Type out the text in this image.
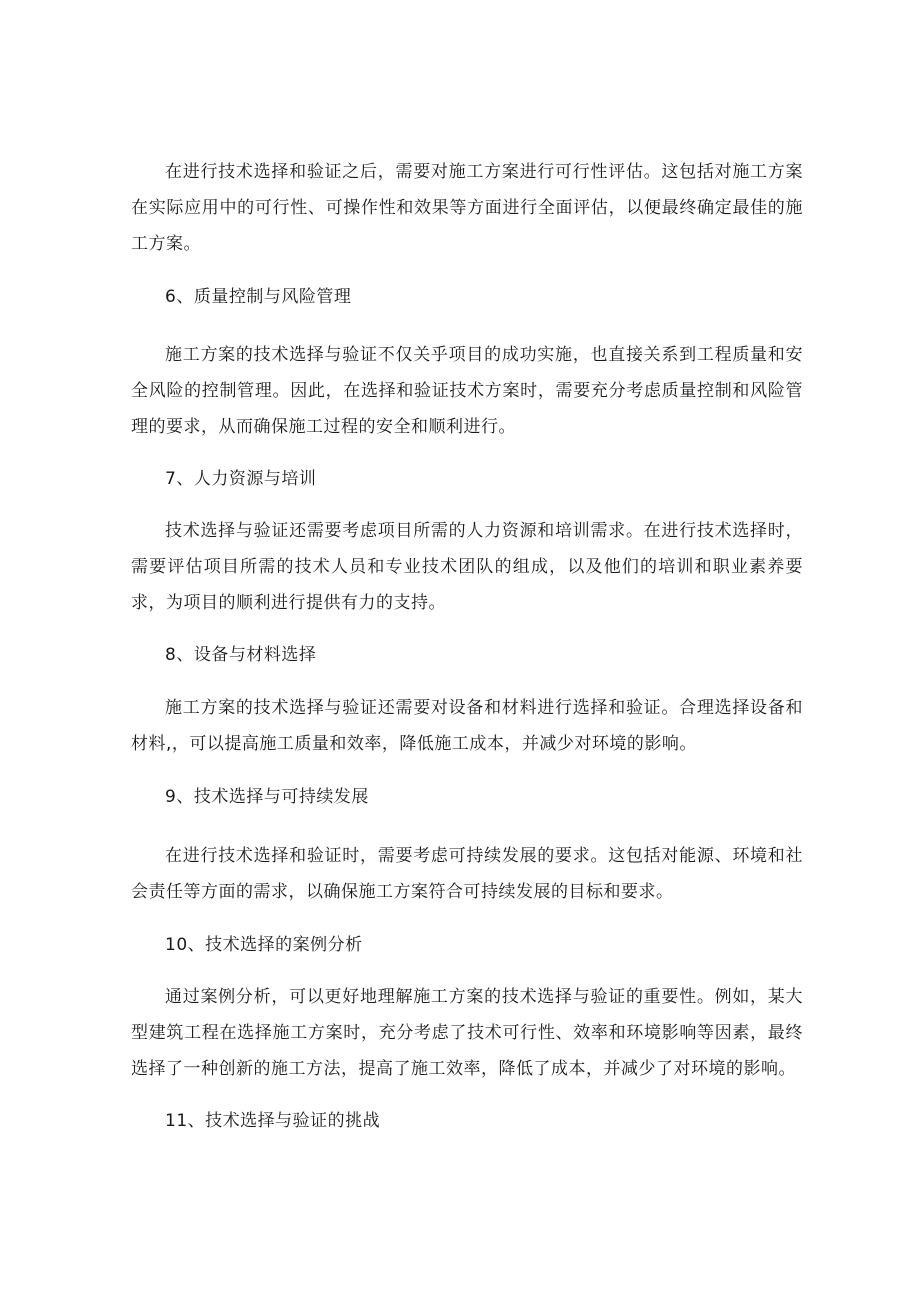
在进行技术选择和验证之后，需要对施工方案进行可行性评估。这包括对施工方案在实际应用中的可行性、可操作性和效果等方面进行全面评估，以便最终确定最佳的施工方案。

6、质量控制与风险管理

施工方案的技术选择与验证不仅关乎项目的成功实施，也直接关系到工程质量和安全风险的控制管理。因此，在选择和验证技术方案时，需要充分考虑质量控制和风险管理的要求，从而确保施工过程的安全和顺利进行。

7、人力资源与培训

技术选择与验证还需要考虑项目所需的人力资源和培训需求。在进行技术选择时，需要评估项目所需的技术人员和专业技术团队的组成，以及他们的培训和职业素养要求，为项目的顺利进行提供有力的支持。

8、设备与材料选择

施工方案的技术选择与验证还需要对设备和材料进行选择和验证。合理选择设备和材料,，可以提高施工质量和效率，降低施工成本，并减少对环境的影响。

9、技术选择与可持续发展

在进行技术选择和验证时，需要考虑可持续发展的要求。这包括对能源、环境和社会责任等方面的需求，以确保施工方案符合可持续发展的目标和要求。

10、技术选择的案例分析

通过案例分析，可以更好地理解施工方案的技术选择与验证的重要性。例如，某大型建筑工程在选择施工方案时，充分考虑了技术可行性、效率和环境影响等因素，最终选择了一种创新的施工方法，提高了施工效率，降低了成本，并减少了对环境的影响。

11、技术选择与验证的挑战
